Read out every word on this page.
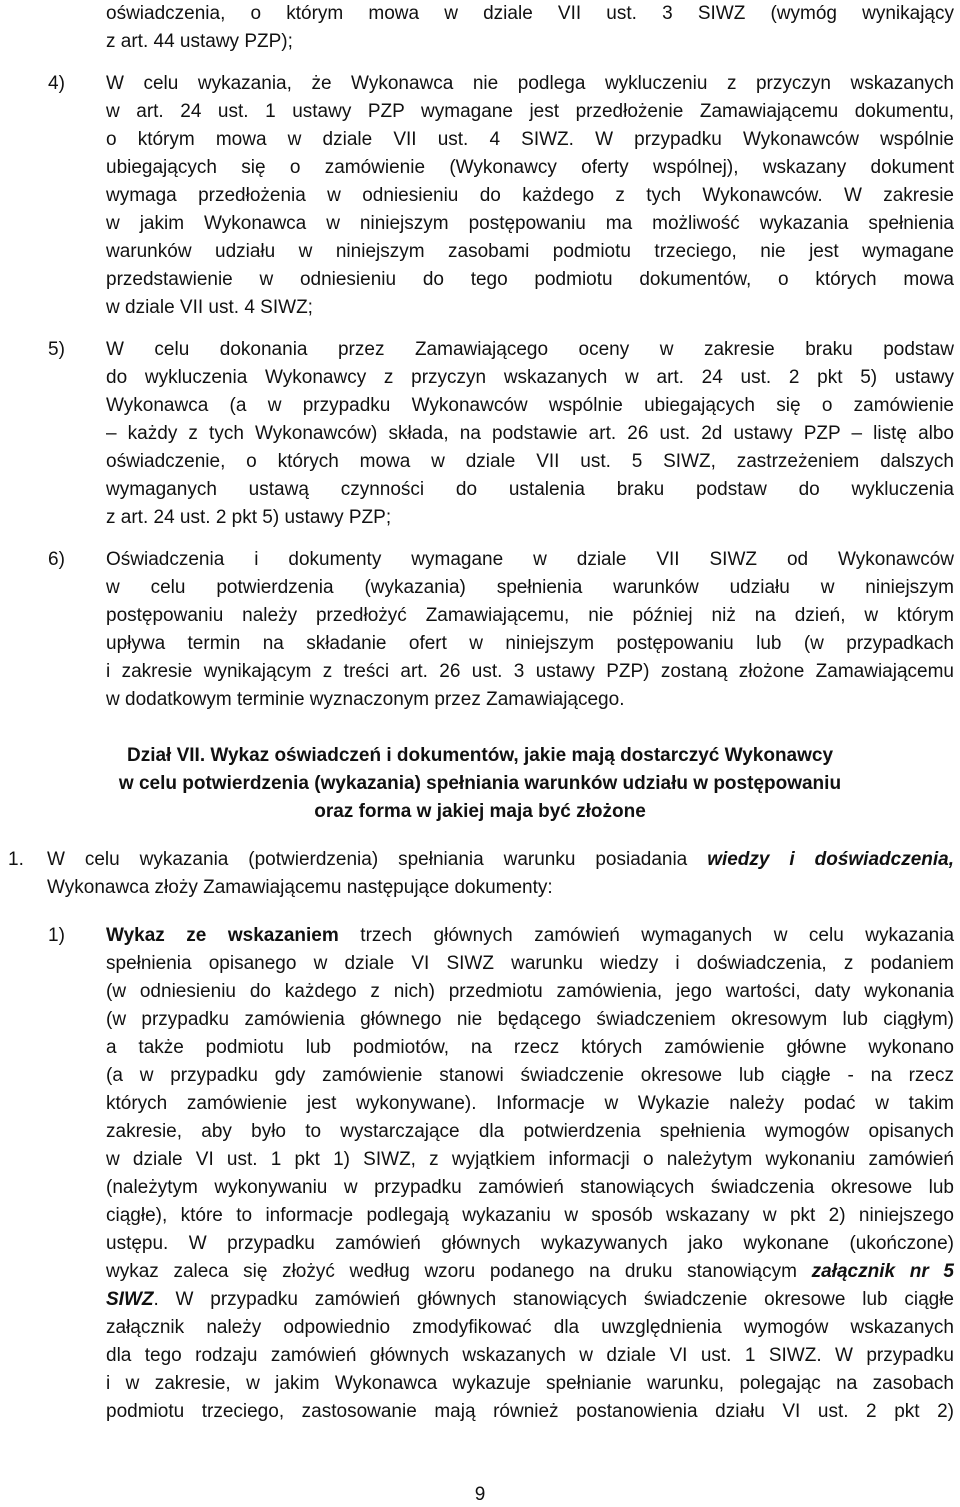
oświadczenia, o którym mowa w dziale VII ust. 3 SIWZ (wymóg wynikający
z art. 44 ustawy PZP);
4) W celu wykazania, że Wykonawca nie podlega wykluczeniu z przyczyn wskazanych
w art. 24 ust. 1 ustawy PZP wymagane jest przedłożenie Zamawiającemu dokumentu,
o którym mowa w dziale VII ust. 4 SIWZ. W przypadku Wykonawców wspólnie
ubiegających się o zamówienie (Wykonawcy oferty wspólnej), wskazany dokument
wymaga przedłożenia w odniesieniu do każdego z tych Wykonawców. W zakresie
w jakim Wykonawca w niniejszym postępowaniu ma możliwość wykazania spełnienia
warunków udziału w niniejszym zasobami podmiotu trzeciego, nie jest wymagane
przedstawienie w odniesieniu do tego podmiotu dokumentów, o których mowa
w dziale VII ust. 4 SIWZ;
5) W celu dokonania przez Zamawiającego oceny w zakresie braku podstaw
do wykluczenia Wykonawcy z przyczyn wskazanych w art. 24 ust. 2 pkt 5) ustawy
Wykonawca (a w przypadku Wykonawców wspólnie ubiegających się o zamówienie
– każdy z tych Wykonawców) składa, na podstawie art. 26 ust. 2d ustawy PZP – listę albo
oświadczenie, o których mowa w dziale VII ust. 5 SIWZ, zastrzeżeniem dalszych
wymaganych ustawą czynności do ustalenia braku podstaw do wykluczenia
z art. 24 ust. 2 pkt 5) ustawy PZP;
6) Oświadczenia i dokumenty wymagane w dziale VII SIWZ od Wykonawców
w celu potwierdzenia (wykazania) spełnienia warunków udziału w niniejszym
postępowaniu należy przedłożyć Zamawiającemu, nie później niż na dzień, w którym
upływa termin na składanie ofert w niniejszym postępowaniu lub (w przypadkach
i zakresie wynikającym z treści art. 26 ust. 3 ustawy PZP) zostaną złożone Zamawiającemu
w dodatkowym terminie wyznaczonym przez Zamawiającego.
Dział VII. Wykaz oświadczeń i dokumentów, jakie mają dostarczyć Wykonawcy
w celu potwierdzenia (wykazania) spełniania warunków udziału w postępowaniu
oraz forma w jakiej maja być złożone
1. W celu wykazania (potwierdzenia) spełniania warunku posiadania wiedzy i doświadczenia,
Wykonawca złoży Zamawiającemu następujące dokumenty:
1) Wykaz ze wskazaniem trzech głównych zamówień wymaganych w celu wykazania
spełnienia opisanego w dziale VI SIWZ warunku wiedzy i doświadczenia, z podaniem
(w odniesieniu do każdego z nich) przedmiotu zamówienia, jego wartości, daty wykonania
(w przypadku zamówienia głównego nie będącego świadczeniem okresowym lub ciągłym)
a także podmiotu lub podmiotów, na rzecz których zamówienie główne wykonano
(a w przypadku gdy zamówienie stanowi świadczenie okresowe lub ciągłe - na rzecz
których zamówienie jest wykonywane). Informacje w Wykazie należy podać w takim
zakresie, aby było to wystarczające dla potwierdzenia spełnienia wymogów opisanych
w dziale VI ust. 1 pkt 1) SIWZ, z wyjątkiem informacji o należytym wykonaniu zamówień
(należytym wykonywaniu w przypadku zamówień stanowiących świadczenia okresowe lub
ciągłe), które to informacje podlegają wykazaniu w sposób wskazany w pkt 2) niniejszego
ustępu. W przypadku zamówień głównych wykazywanych jako wykonane (ukończone)
wykaz zaleca się złożyć według wzoru podanego na druku stanowiącym załącznik nr 5
SIWZ. W przypadku zamówień głównych stanowiących świadczenie okresowe lub ciągłe
załącznik należy odpowiednio zmodyfikować dla uwzględnienia wymogów wskazanych
dla tego rodzaju zamówień głównych wskazanych w dziale VI ust. 1 SIWZ. W przypadku
i w zakresie, w jakim Wykonawca wykazuje spełnianie warunku, polegając na zasobach
podmiotu trzeciego, zastosowanie mają również postanowienia działu VI ust. 2 pkt 2)
9
